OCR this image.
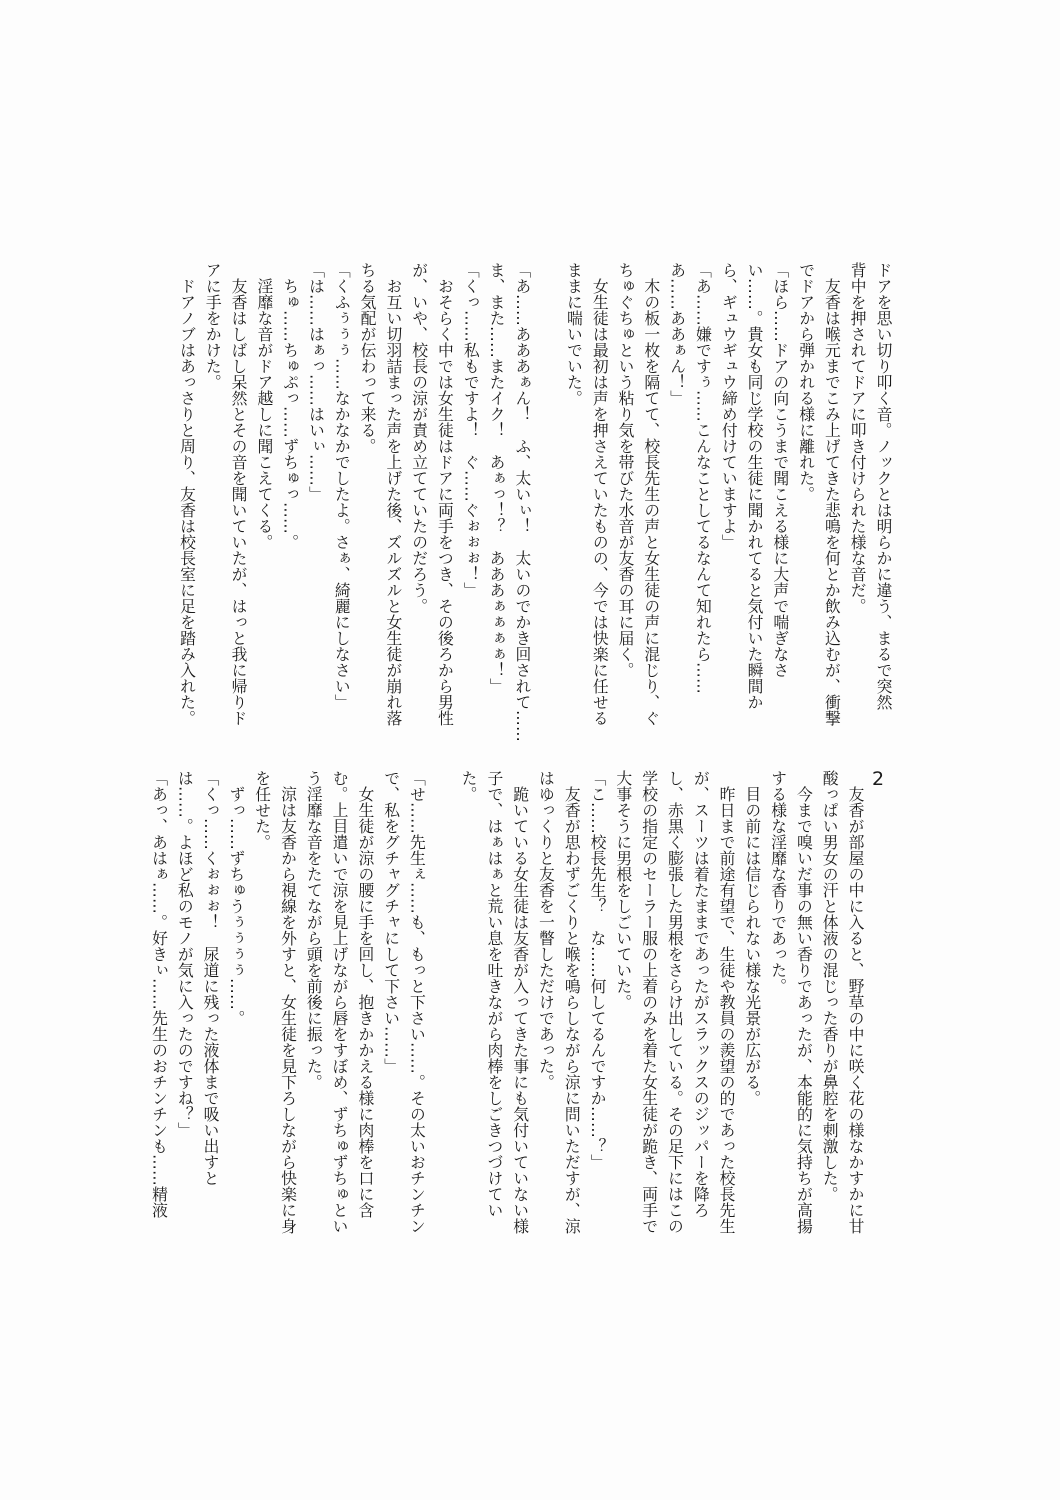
2
ドアを思い切り叩く音。ノックとは明らかに違う、まるで突然
背中を押されてドアに叩き付けられた様な音だ。
　友香は喉元までこみ上げてきた悲鳴を何とか飲み込むが、衝撃
でドアから弾かれる様に離れた。
「ほら……ドアの向こうまで聞こえる様に大声で喘ぎなさ
い……。貴女も同じ学校の生徒に聞かれてると気付いた瞬間か
ら、ギュウギュウ締め付けていますよ」
「あ……嫌ですぅ……こんなことしてるなんて知れたら……
あ……ああぁん！」
　木の板一枚を隔てて、校長先生の声と女生徒の声に混じり、ぐ
ちゅぐちゅという粘り気を帯びた水音が友香の耳に届く。
　女生徒は最初は声を押さえていたものの、今では快楽に任せる
ままに喘いでいた。

「あ……あああぁん！　ふ、太いぃ！　太いのでかき回されて……
ま、また……またイク！　あぁっ！？　あああぁぁぁぁ！」
「くっ……私もですよ！　ぐ……ぐぉぉぉ！」
　おそらく中では女生徒はドアに両手をつき、その後ろから男性
が、いや、校長の涼が責め立てていたのだろう。
　お互い切羽詰まった声を上げた後、ズルズルと女生徒が崩れ落
ちる気配が伝わって来る。
「くふぅぅぅ……なかなかでしたよ。さぁ、綺麗にしなさい」
「は……はぁっ……はいぃ……」
　ちゅ……ちゅぷっ……ずちゅっ……。
　淫靡な音がドア越しに聞こえてくる。
　友香はしばし呆然とその音を聞いていたが、はっと我に帰りド
アに手をかけた。
　ドアノブはあっさりと周り、友香は校長室に足を踏み入れた。
　友香が部屋の中に入ると、野草の中に咲く花の様なかすかに甘
酸っぱい男女の汗と体液の混じった香りが鼻腔を刺激した。
　今まで嗅いだ事の無い香りであったが、本能的に気持ちが高揚
する様な淫靡な香りであった。
　目の前には信じられない様な光景が広がる。
　昨日まで前途有望で、生徒や教員の羨望の的であった校長先生
が、スーツは着たままであったがスラックスのジッパーを降ろ
し、赤黒く膨張した男根をさらけ出している。その足下にはこの
学校の指定のセーラー服の上着のみを着た女生徒が跪き、両手で
大事そうに男根をしごいていた。
「こ……校長先生？　な……何してるんですか……？」
　友香が思わずごくりと喉を鳴らしながら涼に問いただすが、涼
はゆっくりと友香を一瞥しただけであった。
　跪いている女生徒は友香が入ってきた事にも気付いていない様
子で、はぁはぁと荒い息を吐きながら肉棒をしごきつづけてい
た。

「せ……先生ぇ……も、もっと下さい……。その太いおチンチン
で、私をグチャグチャにして下さい……」
　女生徒が涼の腰に手を回し、抱きかかえる様に肉棒を口に含
む。上目遣いで涼を見上げながら唇をすぼめ、ずちゅずちゅとい
う淫靡な音をたてながら頭を前後に振った。
　涼は友香から視線を外すと、女生徒を見下ろしながら快楽に身
を任せた。
　ずっ……ずちゅうぅぅぅぅ……。
「くっ……くぉぉぉ！　尿道に残った液体まで吸い出すと
は……。よほど私のモノが気に入ったのですね？」
「あっ、あはぁ……。好きぃ……先生のおチンチンも……精液
